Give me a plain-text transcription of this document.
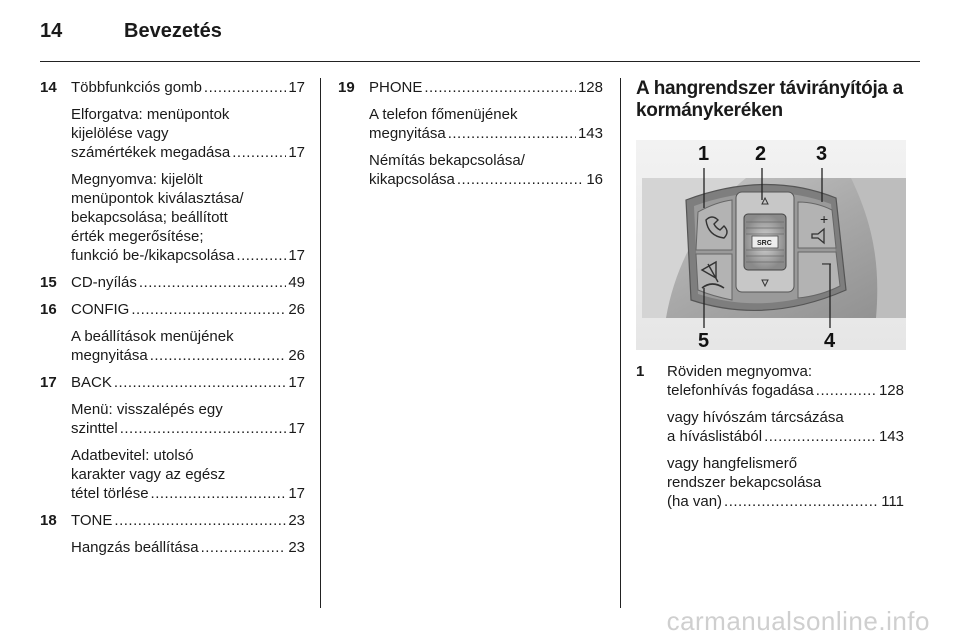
14	Bevezetés
14 Többfunkciós gomb .....	17
Elforgatva: menüpontok
kijelölése vagy
számértékek megadása .....	17
Megnyomva: kijelölt
menüpontok kiválasztása/
bekapcsolása; beállított
érték megerősítése;
funkció be-/kikapcsolása .....	17
15 CD-nyílás .....	49
16 CONFIG .....	26
A beállítások menüjének
megnyitása .....	26
17 BACK .....	17
Menü: visszalépés egy
szinttel .....	17
Adatbevitel: utolsó
karakter vagy az egész
tétel törlése .....	17
18 TONE .....	23
Hangzás beállítása .....	23
19 PHONE .....	128
A telefon főmenüjének
megnyitása .....	143
Némítás bekapcsolása/
kikapcsolása .....	16
A hangrendszer távirányítója a
kormánykeréken
1 2 3
4
5
SRC
+
–
1 Röviden megnyomva:
telefonhívás fogadása .....	128
vagy hívószám tárcsázása
a híváslistából .....	143
vagy hangfelismerő
rendszer bekapcsolása
(ha van) .....	111
carmanualsonline.info
